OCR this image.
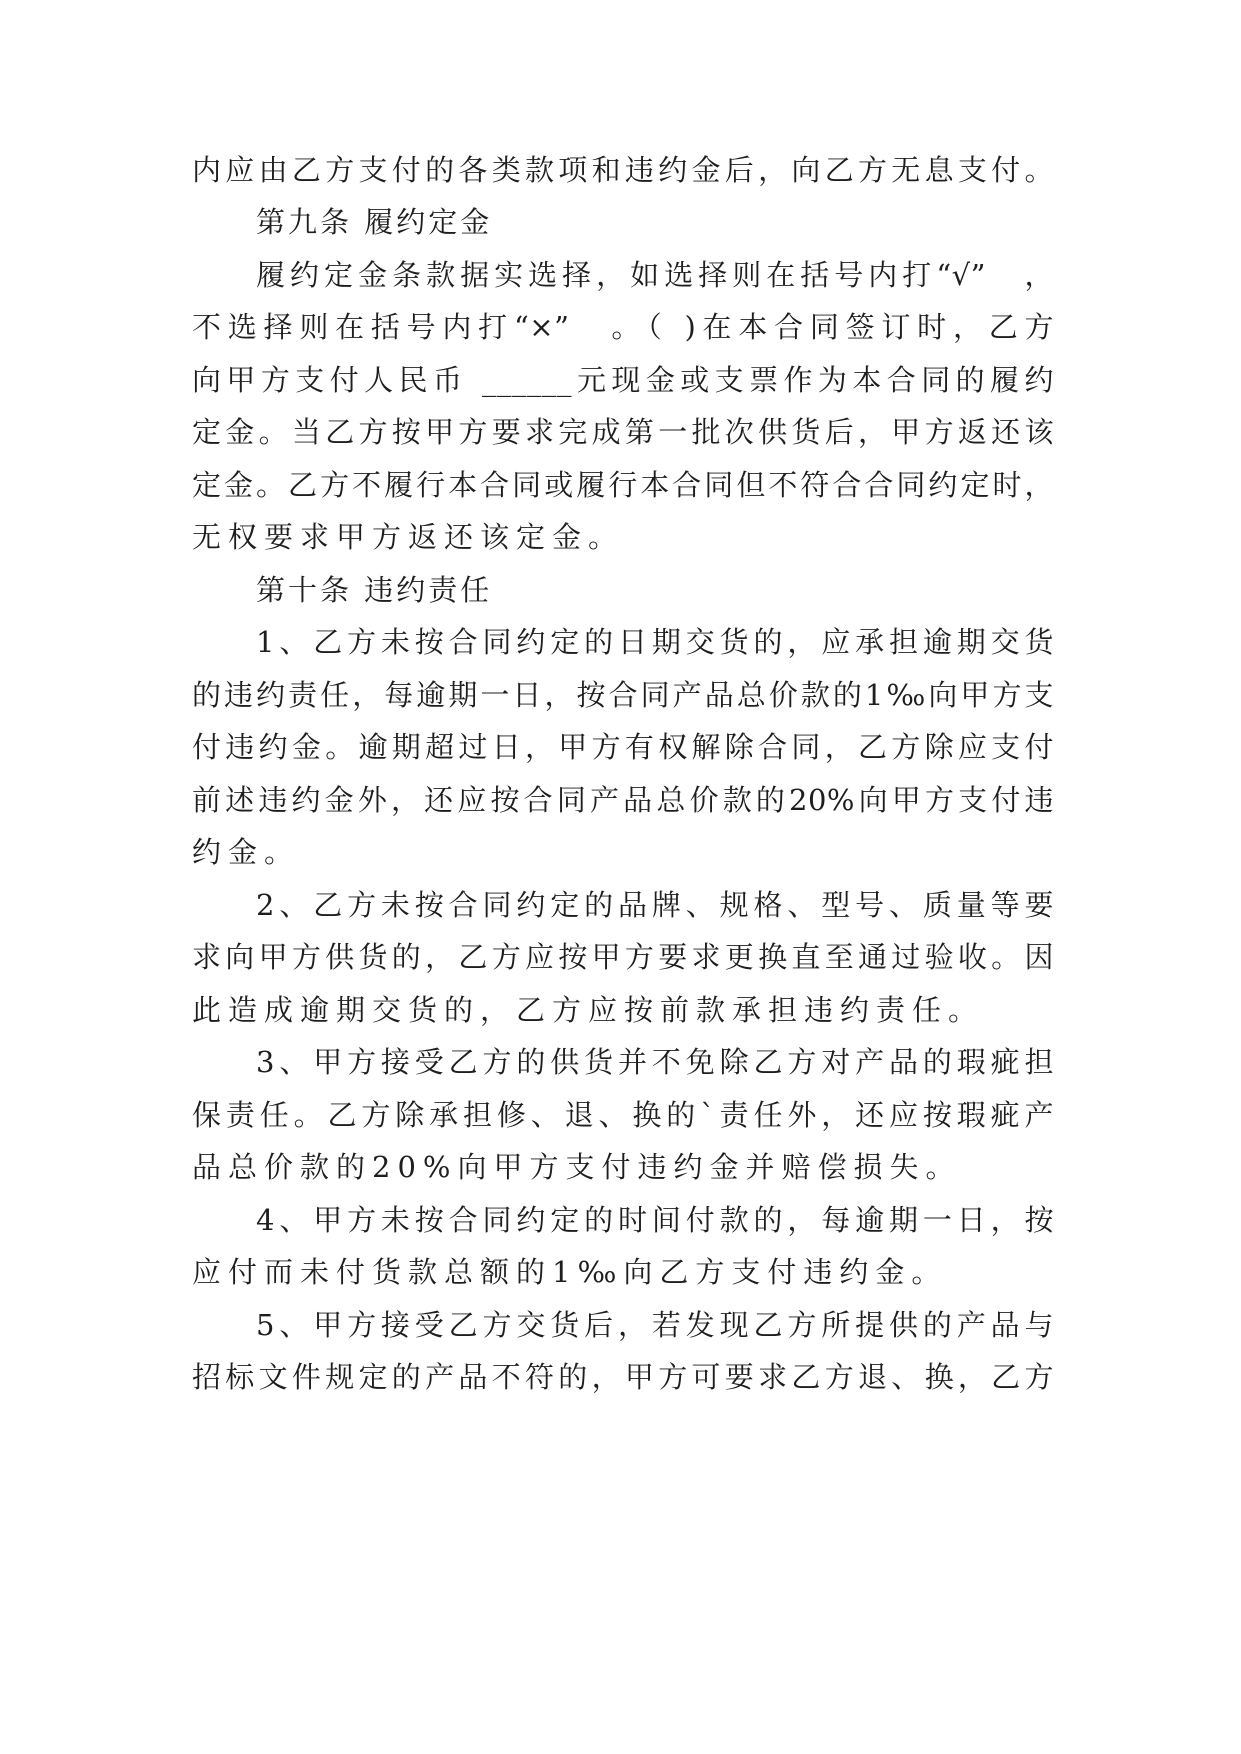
内应由乙方支付的各类款项和违约金后，向乙方无息支付。
第九条 履约定金
履约定金条款据实选择，如选择则在括号内打“√”　，
不选择则在括号内打“×”　。（ )在本合同签订时，乙方
向甲方支付人民币 ______元现金或支票作为本合同的履约
定金。当乙方按甲方要求完成第一批次供货后，甲方返还该
定金。乙方不履行本合同或履行本合同但不符合合同约定时，
无权要求甲方返还该定金。
第十条 违约责任
1、乙方未按合同约定的日期交货的，应承担逾期交货
的违约责任，每逾期一日，按合同产品总价款的1‰向甲方支
付违约金。逾期超过日，甲方有权解除合同，乙方除应支付
前述违约金外，还应按合同产品总价款的20%向甲方支付违
约金。
2、乙方未按合同约定的品牌、规格、型号、质量等要
求向甲方供货的，乙方应按甲方要求更换直至通过验收。因
此造成逾期交货的，乙方应按前款承担违约责任。
3、甲方接受乙方的供货并不免除乙方对产品的瑕疵担
保责任。乙方除承担修、退、换的`责任外，还应按瑕疵产
品总价款的20%向甲方支付违约金并赔偿损失。
4、甲方未按合同约定的时间付款的，每逾期一日，按
应付而未付货款总额的1‰向乙方支付违约金。
5、甲方接受乙方交货后，若发现乙方所提供的产品与
招标文件规定的产品不符的，甲方可要求乙方退、换，乙方
